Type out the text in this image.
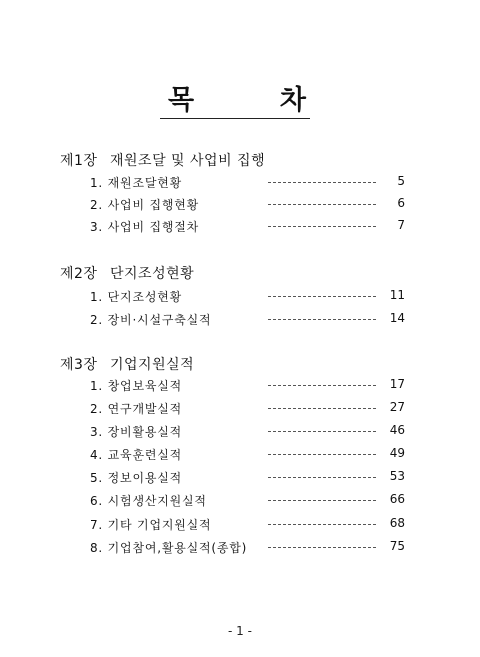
목	차
제1장 재원조달 및 사업비 집행
1. 재원조달현황	5
2. 사업비 집행현황	6
3. 사업비 집행절차	7
제2장 단지조성현황
1. 단지조성현황	11
2. 장비·시설구축실적	14
제3장 기업지원실적
1. 창업보육실적	17
2. 연구개발실적	27
3. 장비활용실적	46
4. 교육훈련실적	49
5. 정보이용실적	53
6. 시험생산지원실적	66
7. 기타 기업지원실적	68
8. 기업참여,활용실적(종합)	75
- 1 -
